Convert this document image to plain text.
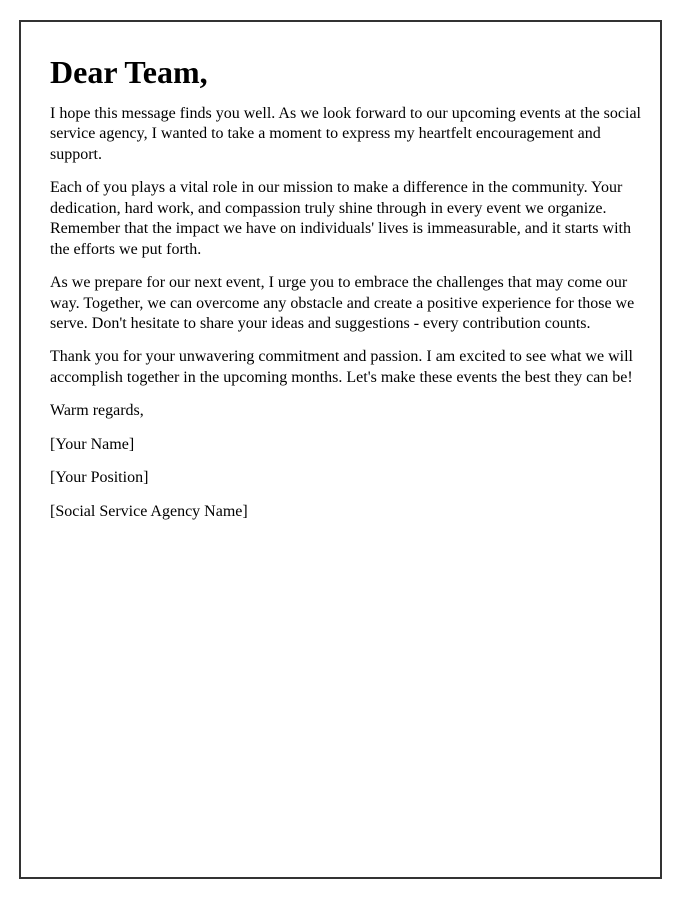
Dear Team,

I hope this message finds you well. As we look forward to our upcoming events at the social service agency, I wanted to take a moment to express my heartfelt encouragement and support.

Each of you plays a vital role in our mission to make a difference in the community. Your dedication, hard work, and compassion truly shine through in every event we organize. Remember that the impact we have on individuals' lives is immeasurable, and it starts with the efforts we put forth.

As we prepare for our next event, I urge you to embrace the challenges that may come our way. Together, we can overcome any obstacle and create a positive experience for those we serve. Don't hesitate to share your ideas and suggestions - every contribution counts.

Thank you for your unwavering commitment and passion. I am excited to see what we will accomplish together in the upcoming months. Let's make these events the best they can be!

Warm regards,

[Your Name]

[Your Position]

[Social Service Agency Name]
